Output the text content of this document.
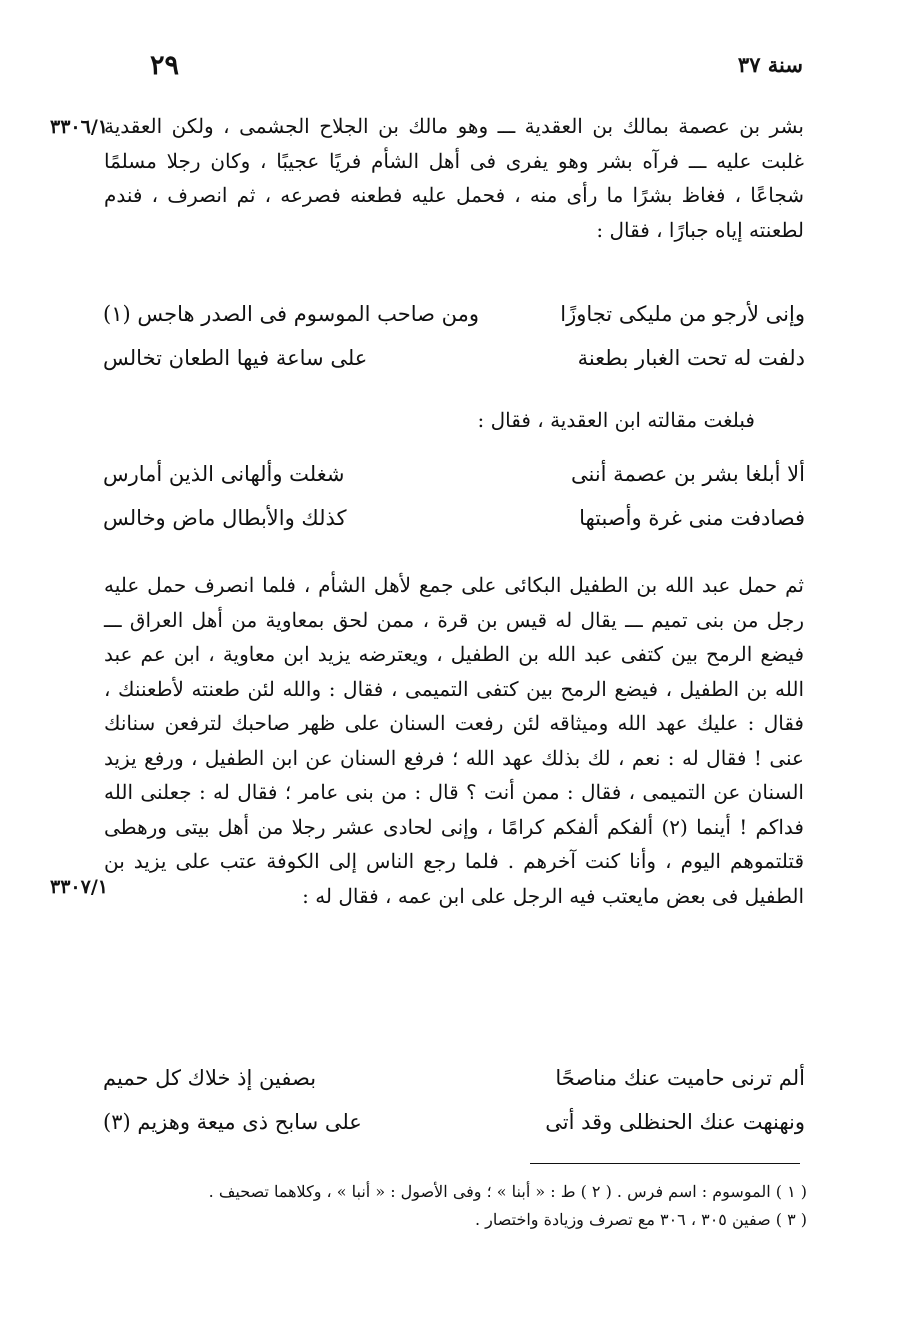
سنة ٣٧
٢٩
٣٣٠٦/١
٣٣٠٧/١

بشر بن عصمة بمالك بن العقدية ـــ وهو مالك بن الجلاح الجشمى ، ولكن العقدية غلبت عليه ـــ فرآه بشر وهو يفرى فى أهل الشأم فريًا عجيبًا ، وكان رجلا مسلمًا شجاعًا ، فغاظ بشرًا ما رأى منه ، فحمل عليه فطعنه فصرعه ، ثم انصرف ، فندم لطعنته إياه جبارًا ، فقال :

وإنى لأرجو من مليكى تجاوزًا
ومن صاحب الموسوم فى الصدر هاجس (١)
دلفت له تحت الغبار بطعنة
على ساعة فيها الطعان تخالس
فبلغت مقالته ابن العقدية ، فقال :
ألا أبلغا بشر بن عصمة أننى
شغلت وألهانى الذين أمارس
فصادفت منى غرة وأصبتها
كذلك والأبطال ماض وخالس

ثم حمل عبد الله بن الطفيل البكائى على جمع لأهل الشأم ، فلما انصرف حمل عليه رجل من بنى تميم ـــ يقال له قيس بن قرة ، ممن لحق بمعاوية من أهل العراق ـــ فيضع الرمح بين كتفى عبد الله بن الطفيل ، ويعترضه يزيد ابن معاوية ، ابن عم عبد الله بن الطفيل ، فيضع الرمح بين كتفى التميمى ، فقال : والله لئن طعنته لأطعننك ، فقال : عليك عهد الله وميثاقه لئن رفعت السنان على ظهر صاحبك لترفعن سنانك عنى ! فقال له : نعم ، لك بذلك عهد الله ؛ فرفع السنان عن ابن الطفيل ، ورفع يزيد السنان عن التميمى ، فقال : ممن أنت ؟ قال : من بنى عامر ؛ فقال له : جعلنى الله فداكم ! أينما (٢) ألفكم ألفكم كرامًا ، وإنى لحادى عشر رجلا من أهل بيتى ورهطى قتلتموهم اليوم ، وأنا كنت آخرهم . فلما رجع الناس إلى الكوفة عتب على يزيد بن الطفيل فى بعض مايعتب فيه الرجل على ابن عمه ، فقال له :

ألم ترنى حاميت عنك مناصحًا
بصفين إذ خلاك كل حميم
ونهنهت عنك الحنظلى وقد أتى
على سابح ذى ميعة وهزيم (٣)
( ١ ) الموسوم : اسم فرس . ( ٢ ) ط : « أبنا » ؛ وفى الأصول : « أنبا » ، وكلاهما تصحيف .
( ٣ ) صفين ٣٠٥ ، ٣٠٦ مع تصرف وزيادة واختصار .
